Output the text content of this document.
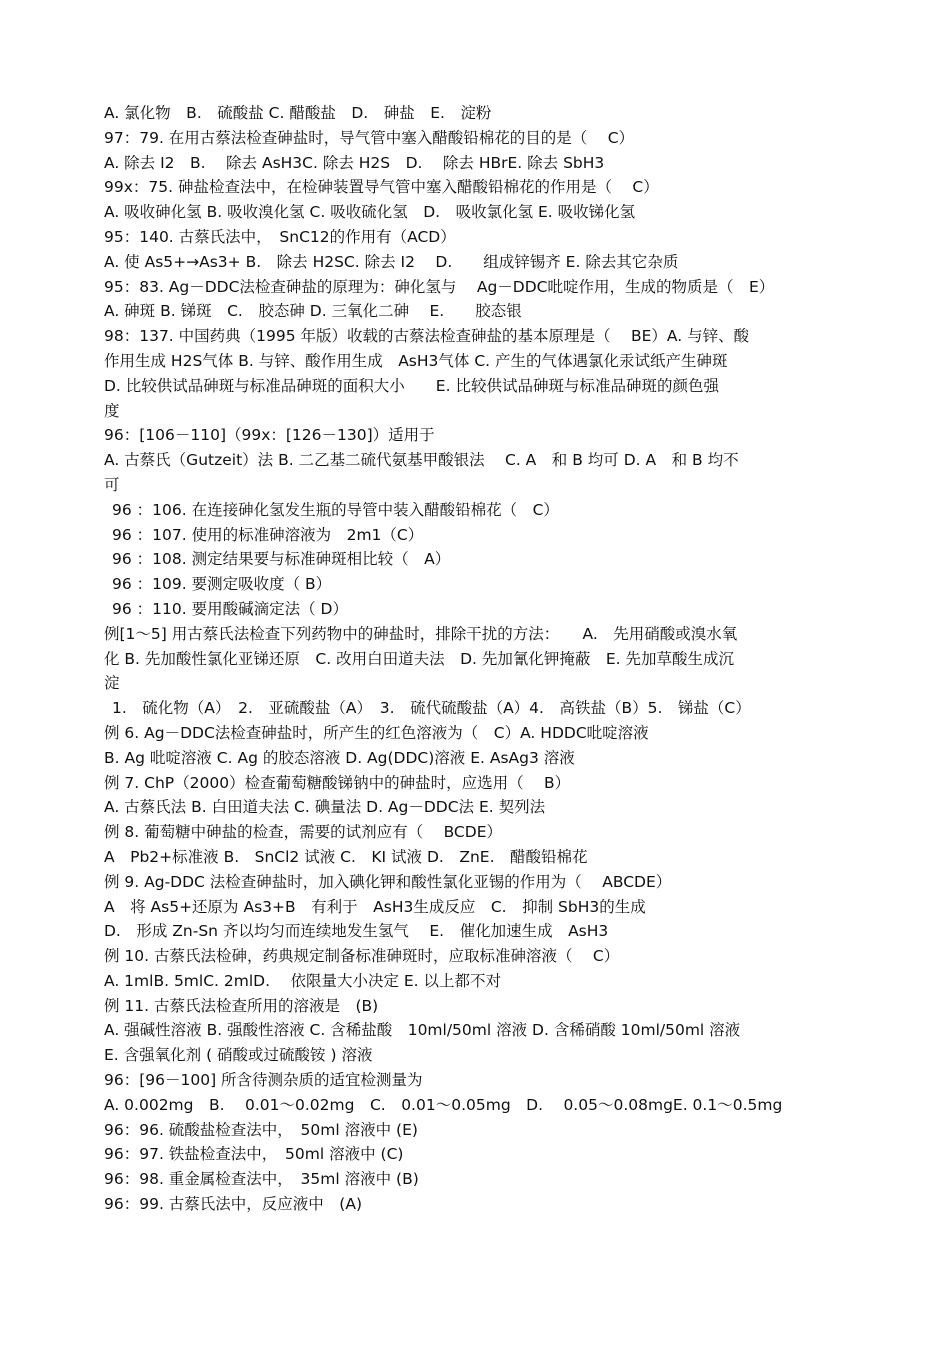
A. 氯化物　B.　硫酸盐 C. 醋酸盐　D.　砷盐　E.　淀粉
97：79. 在用古蔡法检查砷盐时，导气管中塞入醋酸铅棉花的目的是（　 C）
A. 除去 I2　B.　 除去 AsH3C. 除去 H2S　D.　 除去 HBrE. 除去 SbH3
99x：75. 砷盐检查法中，在检砷装置导气管中塞入醋酸铅棉花的作用是（　 C）
A. 吸收砷化氢 B. 吸收溴化氢 C. 吸收硫化氢　D.　吸收氯化氢 E. 吸收锑化氢
95：140. 古蔡氏法中，　SnC12的作用有（ACD）
A. 使 As5+→As3+ B.　除去 H2SC. 除去 I2　 D.　　组成锌锡齐 E. 除去其它杂质
95：83. Ag－DDC法检查砷盐的原理为：砷化氢与　 Ag－DDC吡啶作用，生成的物质是（　E）
A. 砷斑 B. 锑斑　C.　胶态砷 D. 三氧化二砷　 E.　　胶态银
98：137. 中国药典（1995 年版）收载的古蔡法检查砷盐的基本原理是（　 BE）A. 与锌、酸
作用生成 H2S气体 B. 与锌、酸作用生成　AsH3气体 C. 产生的气体遇氯化汞试纸产生砷斑
D. 比较供试品砷斑与标准品砷斑的面积大小　　E. 比较供试品砷斑与标准品砷斑的颜色强
度
96：[106－110]（99x：[126－130]）适用于
A. 古蔡氏（Gutzeit）法 B. 二乙基二硫代氨基甲酸银法　 C. A　和 B 均可 D. A　和 B 均不
可
96 ：106. 在连接砷化氢发生瓶的导管中装入醋酸铅棉花（　C）
96 ：107. 使用的标准砷溶液为　2m1（C）
96 ：108. 测定结果要与标准砷斑相比较（　A）
96 ：109. 要测定吸收度（ B）
96 ：110. 要用酸碱滴定法（ D）
例[1～5] 用古蔡氏法检查下列药物中的砷盐时，排除干扰的方法：　　A.　先用硝酸或溴水氧
化 B. 先加酸性氯化亚锑还原　C. 改用白田道夫法　D. 先加氰化钾掩蔽　E. 先加草酸生成沉
淀
1.　硫化物（A）　2.　亚硫酸盐（A）　3.　硫代硫酸盐（A）4.　高铁盐（B）5.　锑盐（C）
例 6. Ag－DDC法检查砷盐时，所产生的红色溶液为（　C）A. HDDC吡啶溶液
B. Ag 吡啶溶液 C. Ag 的胶态溶液 D. Ag(DDC)溶液 E. AsAg3 溶液
例 7. ChP（2000）检查葡萄糖酸锑钠中的砷盐时，应选用（　 B）
A. 古蔡氏法 B. 白田道夫法 C. 碘量法 D. Ag－DDC法 E. 契列法
例 8. 葡萄糖中砷盐的检查，需要的试剂应有（　 BCDE）
A　Pb2+标准液 B.　SnCl2 试液 C.　KI 试液 D.　ZnE.　醋酸铅棉花
例 9. Ag-DDC 法检查砷盐时，加入碘化钾和酸性氯化亚锡的作用为（　 ABCDE）
A　将 As5+还原为 As3+B　有利于　AsH3生成反应　C.　抑制 SbH3的生成
D.　形成 Zn-Sn 齐以均匀而连续地发生氢气　 E.　催化加速生成　AsH3
例 10. 古蔡氏法检砷，药典规定制备标准砷斑时，应取标准砷溶液（　 C）
A. 1mlB. 5mlC. 2mlD.　 依限量大小决定 E. 以上都不对
例 11. 古蔡氏法检查所用的溶液是　(B)
A. 强碱性溶液 B. 强酸性溶液 C. 含稀盐酸　10ml/50ml 溶液 D. 含稀硝酸 10ml/50ml 溶液
E. 含强氧化剂 ( 硝酸或过硫酸铵 ) 溶液
96：[96－100] 所含待测杂质的适宜检测量为
A. 0.002mg　B.　 0.01～0.02mg　C.　0.01～0.05mg　D.　 0.05～0.08mgE. 0.1～0.5mg
96：96. 硫酸盐检查法中，　50ml 溶液中 (E)
96：97. 铁盐检查法中，　50ml 溶液中 (C)
96：98. 重金属检查法中，　35ml 溶液中 (B)
96：99. 古蔡氏法中，反应液中　(A)
